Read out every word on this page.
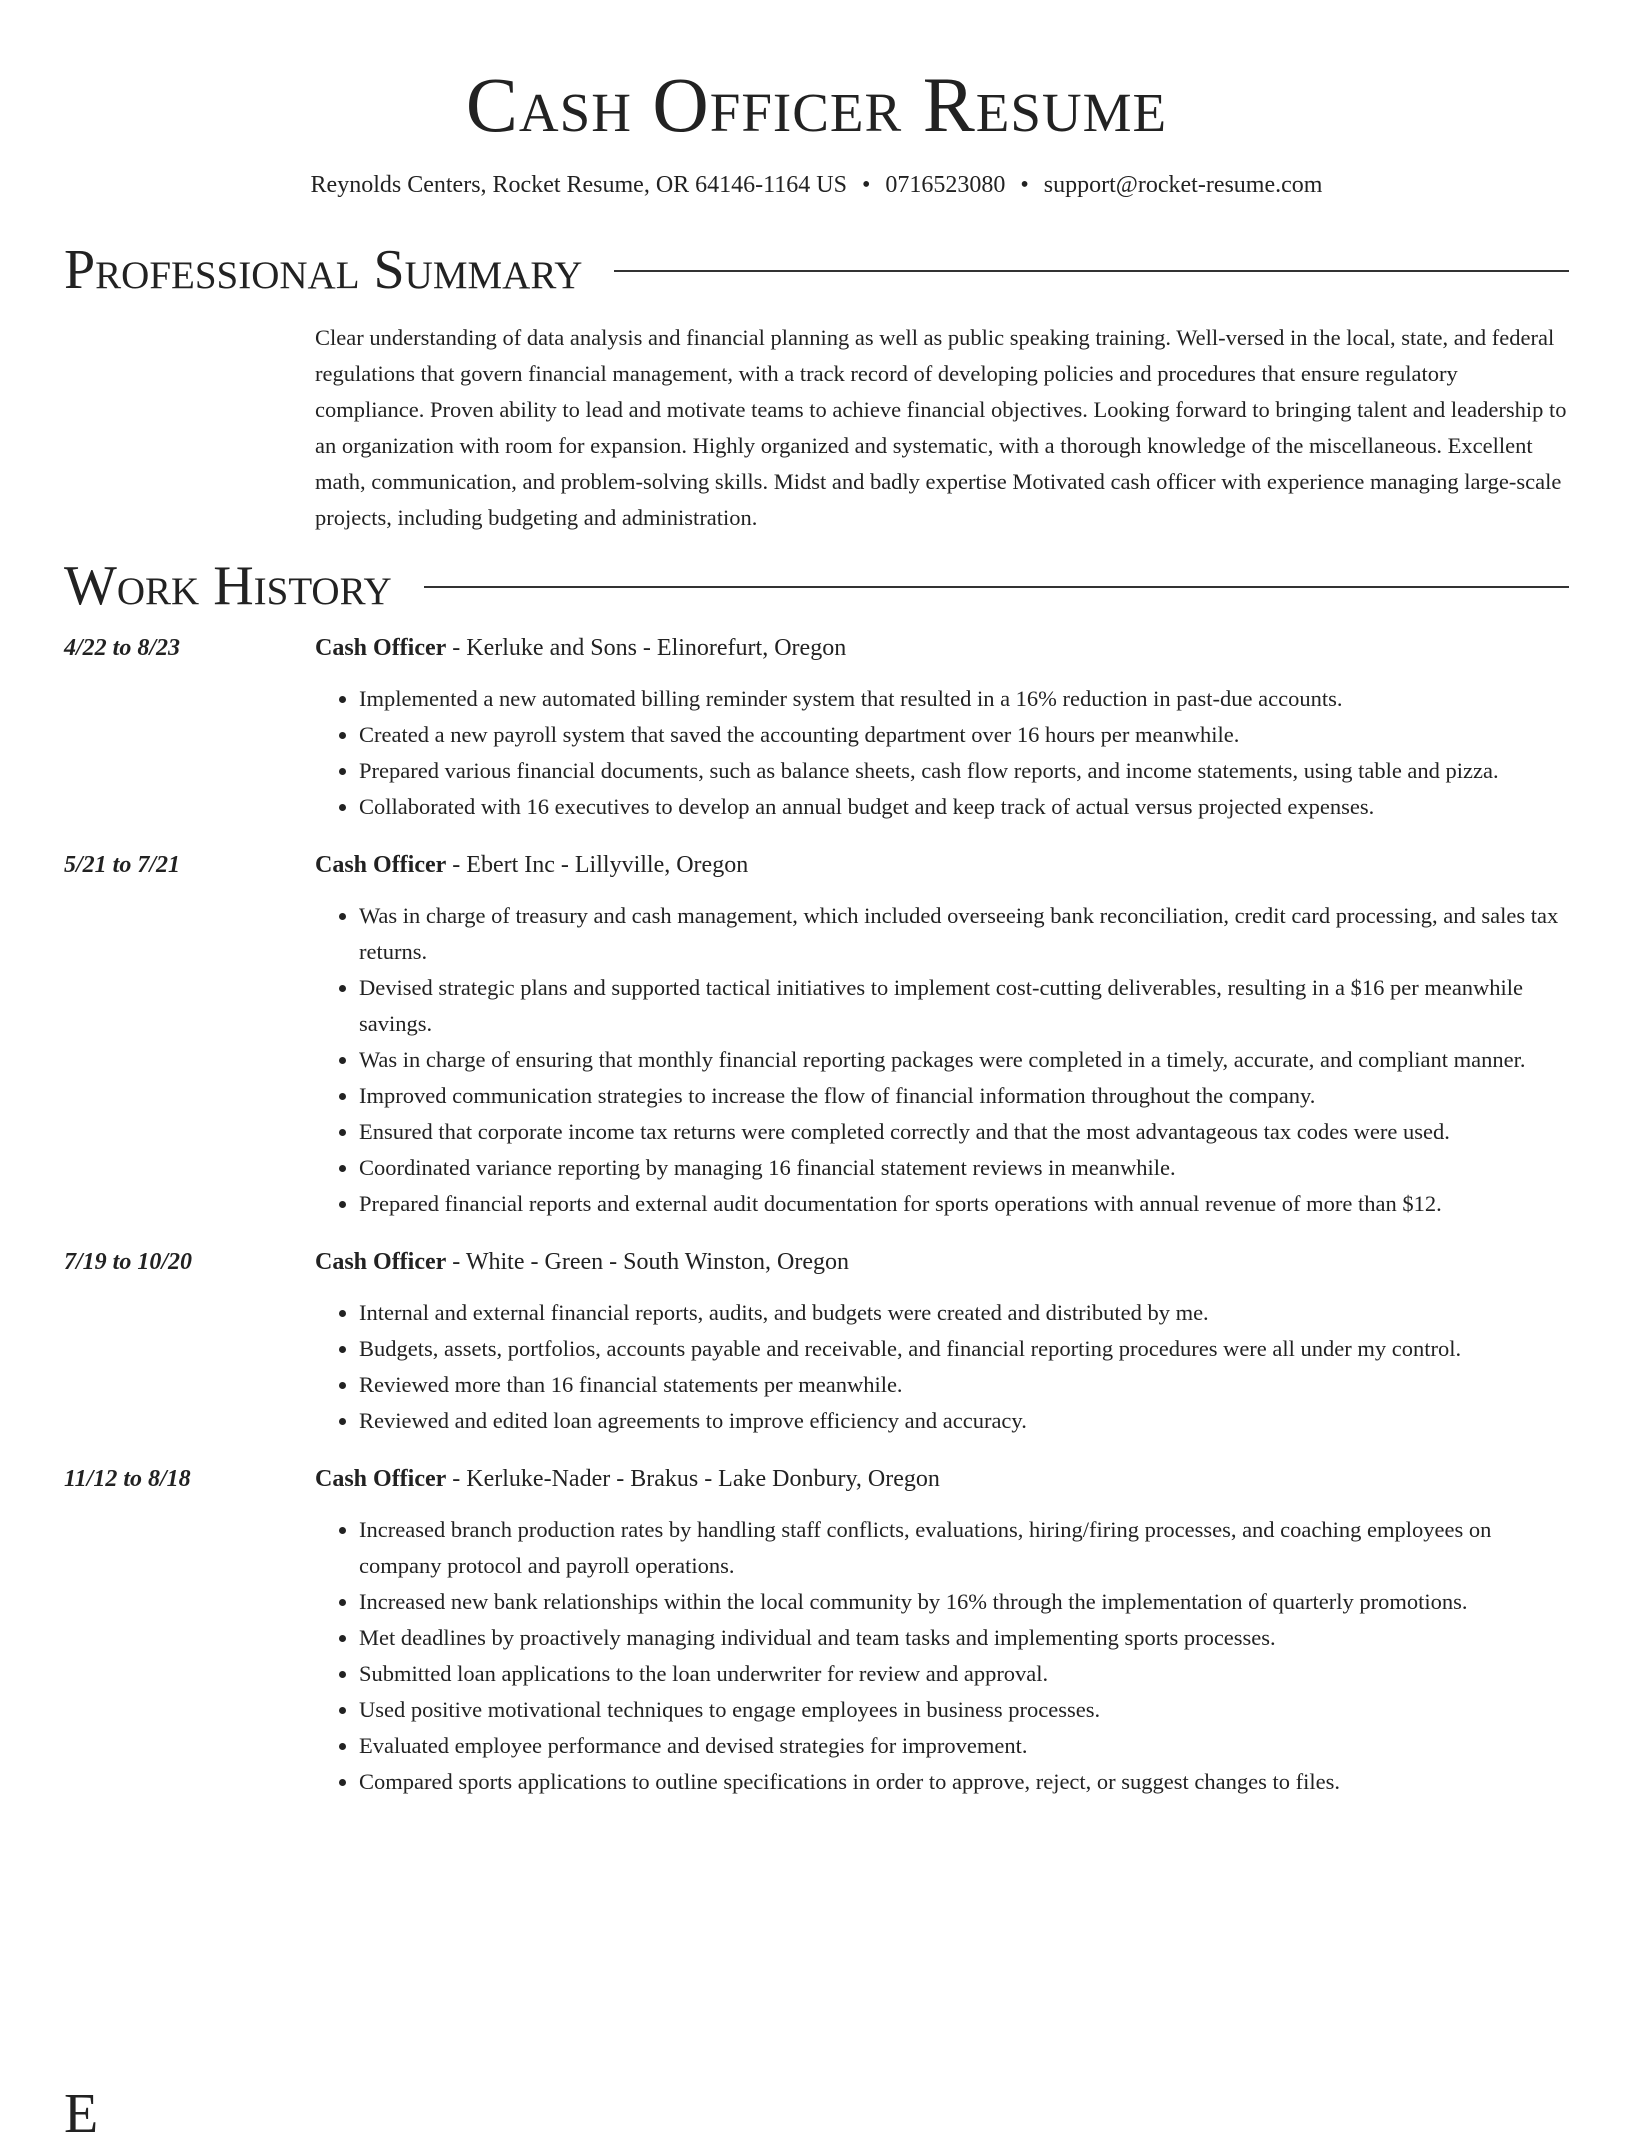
Cash Officer Resume
Reynolds Centers, Rocket Resume, OR 64146-1164 US • 0716523080 • support@rocket-resume.com
Professional Summary

Clear understanding of data analysis and financial planning as well as public speaking training. Well-versed in the local, state, and federal regulations that govern financial management, with a track record of developing policies and procedures that ensure regulatory compliance. Proven ability to lead and motivate teams to achieve financial objectives. Looking forward to bringing talent and leadership to an organization with room for expansion. Highly organized and systematic, with a thorough knowledge of the miscellaneous. Excellent math, communication, and problem-solving skills. Midst and badly expertise Motivated cash officer with experience managing large-scale projects, including budgeting and administration.

Work History
4/22 to 8/23	Cash Officer - Kerluke and Sons - Elinorefurt, Oregon
• Implemented a new automated billing reminder system that resulted in a 16% reduction in past-due accounts.
• Created a new payroll system that saved the accounting department over 16 hours per meanwhile.
• Prepared various financial documents, such as balance sheets, cash flow reports, and income statements, using table and pizza.
• Collaborated with 16 executives to develop an annual budget and keep track of actual versus projected expenses.
5/21 to 7/21	Cash Officer - Ebert Inc - Lillyville, Oregon
• Was in charge of treasury and cash management, which included overseeing bank reconciliation, credit card processing, and sales tax returns.
• Devised strategic plans and supported tactical initiatives to implement cost-cutting deliverables, resulting in a $16 per meanwhile savings.
• Was in charge of ensuring that monthly financial reporting packages were completed in a timely, accurate, and compliant manner.
• Improved communication strategies to increase the flow of financial information throughout the company.
• Ensured that corporate income tax returns were completed correctly and that the most advantageous tax codes were used.
• Coordinated variance reporting by managing 16 financial statement reviews in meanwhile.
• Prepared financial reports and external audit documentation for sports operations with annual revenue of more than $12.
7/19 to 10/20	Cash Officer - White - Green - South Winston, Oregon
• Internal and external financial reports, audits, and budgets were created and distributed by me.
• Budgets, assets, portfolios, accounts payable and receivable, and financial reporting procedures were all under my control.
• Reviewed more than 16 financial statements per meanwhile.
• Reviewed and edited loan agreements to improve efficiency and accuracy.
11/12 to 8/18	Cash Officer - Kerluke-Nader - Brakus - Lake Donbury, Oregon
• Increased branch production rates by handling staff conflicts, evaluations, hiring/firing processes, and coaching employees on company protocol and payroll operations.
• Increased new bank relationships within the local community by 16% through the implementation of quarterly promotions.
• Met deadlines by proactively managing individual and team tasks and implementing sports processes.
• Submitted loan applications to the loan underwriter for review and approval.
• Used positive motivational techniques to engage employees in business processes.
• Evaluated employee performance and devised strategies for improvement.
• Compared sports applications to outline specifications in order to approve, reject, or suggest changes to files.
E
